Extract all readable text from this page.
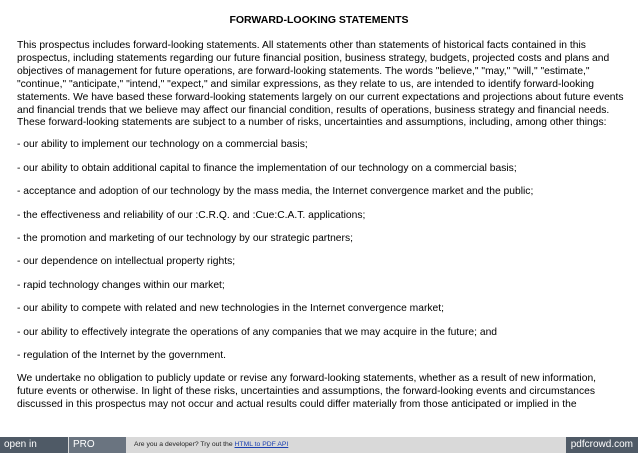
FORWARD-LOOKING STATEMENTS

This prospectus includes forward-looking statements. All statements other than statements of historical facts contained in this prospectus, including statements regarding our future financial position, business strategy, budgets, projected costs and plans and objectives of management for future operations, are forward-looking statements. The words "believe," "may," "will," "estimate," "continue," "anticipate," "intend," "expect," and similar expressions, as they relate to us, are intended to identify forward-looking statements. We have based these forward-looking statements largely on our current expectations and projections about future events and financial trends that we believe may affect our financial condition, results of operations, business strategy and financial needs. These forward-looking statements are subject to a number of risks, uncertainties and assumptions, including, among other things:

- our ability to implement our technology on a commercial basis;
- our ability to obtain additional capital to finance the implementation of our technology on a commercial basis;
- acceptance and adoption of our technology by the mass media, the Internet convergence market and the public;
- the effectiveness and reliability of our :C.R.Q. and :Cue:C.A.T. applications;
- the promotion and marketing of our technology by our strategic partners;
- our dependence on intellectual property rights;
- rapid technology changes within our market;
- our ability to compete with related and new technologies in the Internet convergence market;
- our ability to effectively integrate the operations of any companies that we may acquire in the future; and
- regulation of the Internet by the government.

We undertake no obligation to publicly update or revise any forward-looking statements, whether as a result of new information, future events or otherwise. In light of these risks, uncertainties and assumptions, the forward-looking events and circumstances discussed in this prospectus may not occur and actual results could differ materially from those anticipated or implied in the

open in browser
PRO version
Are you a developer? Try out the HTML to PDF API	pdfcrowd.com
